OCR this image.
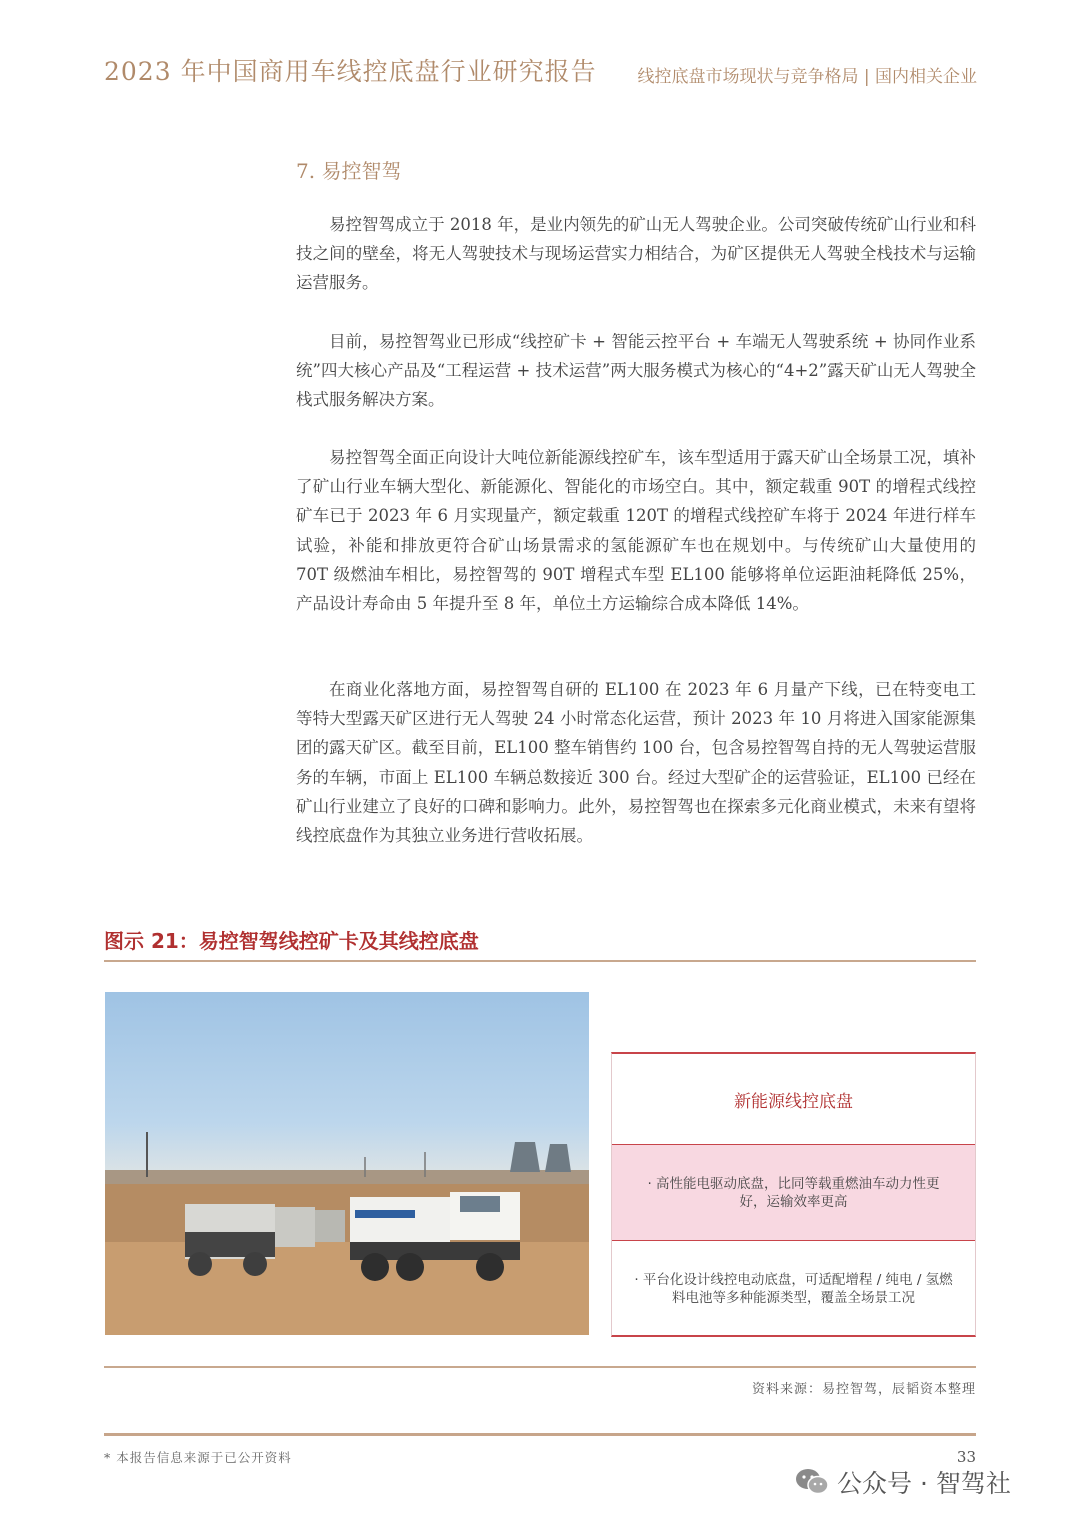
2023 年中国商用车线控底盘行业研究报告 线控底盘市场现状与竞争格局 | 国内相关企业
7. 易控智驾

易控智驾成立于 2018 年，是业内领先的矿山无人驾驶企业。公司突破传统矿山行业和科技之间的壁垒，将无人驾驶技术与现场运营实力相结合，为矿区提供无人驾驶全栈技术与运输运营服务。

目前，易控智驾业已形成“线控矿卡 + 智能云控平台 + 车端无人驾驶系统 + 协同作业系统”四大核心产品及“工程运营 + 技术运营”两大服务模式为核心的“4+2”露天矿山无人驾驶全栈式服务解决方案。

易控智驾全面正向设计大吨位新能源线控矿车，该车型适用于露天矿山全场景工况，填补了矿山行业车辆大型化、新能源化、智能化的市场空白。其中，额定载重 90T 的增程式线控矿车已于 2023 年 6 月实现量产，额定载重 120T 的增程式线控矿车将于 2024 年进行样车试验，补能和排放更符合矿山场景需求的氢能源矿车也在规划中。与传统矿山大量使用的 70T 级燃油车相比，易控智驾的 90T 增程式车型 EL100 能够将单位运距油耗降低 25%，产品设计寿命由 5 年提升至 8 年，单位土方运输综合成本降低 14%。

在商业化落地方面，易控智驾自研的 EL100 在 2023 年 6 月量产下线，已在特变电工等特大型露天矿区进行无人驾驶 24 小时常态化运营，预计 2023 年 10 月将进入国家能源集团的露天矿区。截至目前，EL100 整车销售约 100 台，包含易控智驾自持的无人驾驶运营服务的车辆，市面上 EL100 车辆总数接近 300 台。经过大型矿企的运营验证，EL100 已经在矿山行业建立了良好的口碑和影响力。此外，易控智驾也在探索多元化商业模式，未来有望将线控底盘作为其独立业务进行营收拓展。

图示 21：易控智驾线控矿卡及其线控底盘
新能源线控底盘
· 高性能电驱动底盘，比同等载重燃油车动力性更好，运输效率更高
· 平台化设计线控电动底盘，可适配增程 / 纯电 / 氢燃料电池等多种能源类型，覆盖全场景工况
资料来源：易控智驾，辰韬资本整理
* 本报告信息来源于已公开资料	33
公众号 · 智驾社
